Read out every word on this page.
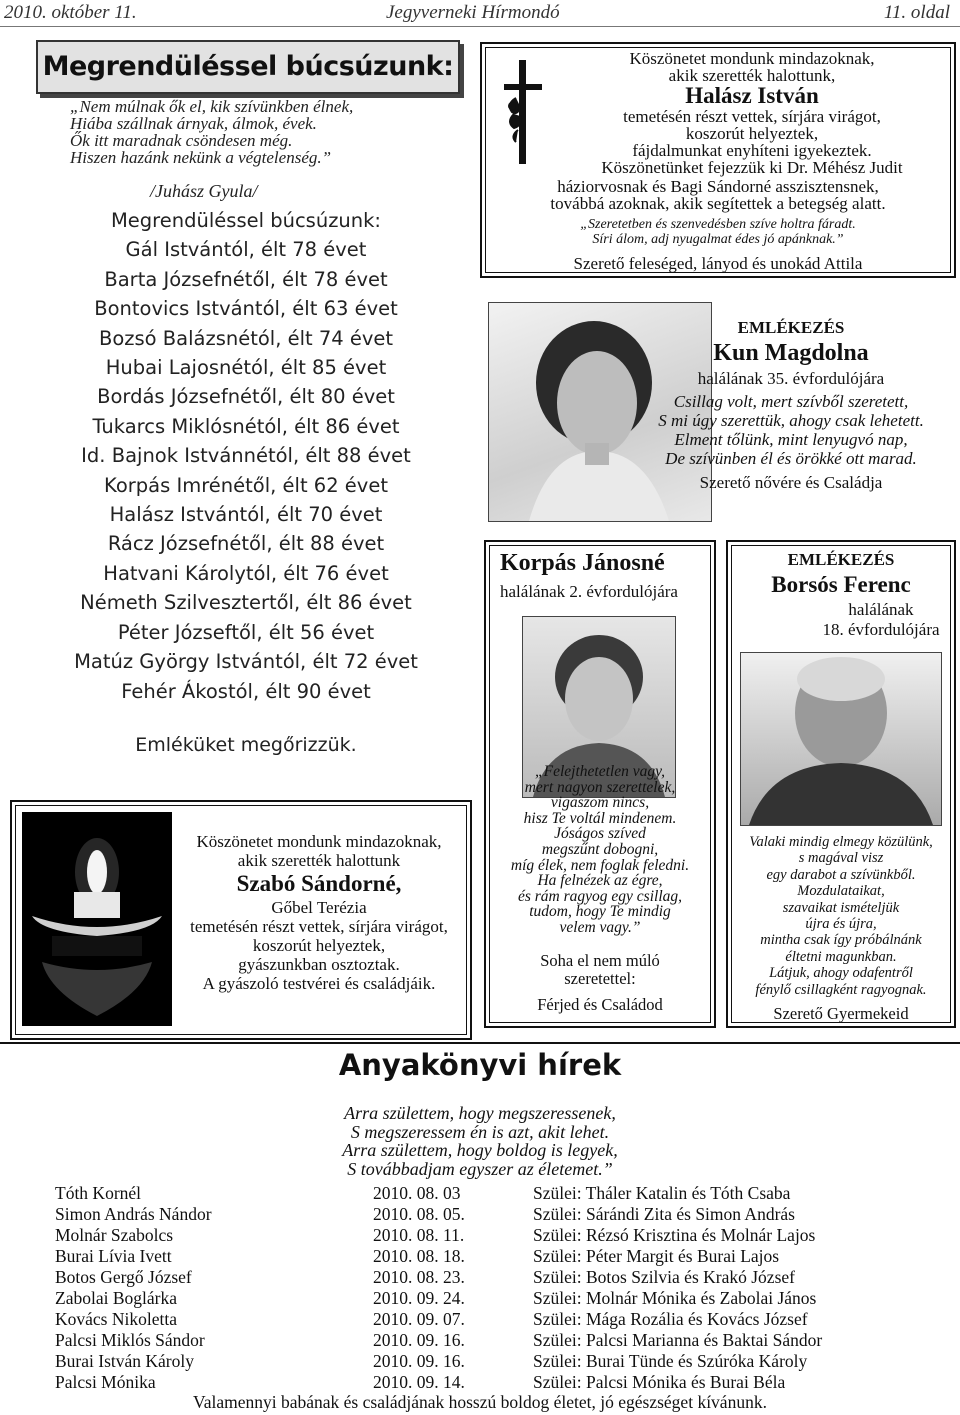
2010. október 11.	Jegyverneki Hírmondó	11. oldal
Megrendüléssel búcsúzunk:
„Nem múlnak ők el, kik szívünkben élnek,
Hiába szállnak árnyak, álmok, évek.
Ők itt maradnak csöndesen még.
Hiszen hazánk nekünk a végtelenség.”
/Juhász Gyula/
Megrendüléssel búcsúzunk:
Gál Istvántól, élt 78 évet
Barta Józsefnétől, élt 78 évet
Bontovics Istvántól, élt 63 évet
Bozsó Balázsnétól, élt 74 évet
Hubai Lajosnétól, élt 85 évet
Bordás Józsefnétől, élt 80 évet
Tukarcs Miklósnétól, élt 86 évet
Id. Bajnok Istvánnétól, élt 88 évet
Korpás Imrénétől, élt 62 évet
Halász Istvántól, élt 70 évet
Rácz Józsefnétől, élt 88 évet
Hatvani Károlytól, élt 76 évet
Németh Szilvesztertől, élt 86 évet
Péter Józseftől, élt 56 évet
Matúz György Istvántól, élt 72 évet
Fehér Ákostól, élt 90 évet
Emléküket megőrizzük.
Köszönetet mondunk mindazoknak,
akik szerették halottunk,
Halász István
temetésén részt vettek, sírjára virágot,
koszorút helyeztek,
fájdalmunkat enyhíteni igyekeztek.
Köszönetünket fejezzük ki Dr. Méhész Judit
háziorvosnak és Bagi Sándorné asszisztensnek,
továbbá azoknak, akik segítettek a betegség alatt.
„Szeretetben és szenvedésben szíve holtra fáradt.
Síri álom, adj nyugalmat édes jó apánknak.”
Szerető feleséged, lányod és unokád Attila
EMLÉKEZÉS
Kun Magdolna
halálának 35. évfordulójára
Csillag volt, mert szívből szeretett,
S mi úgy szerettük, ahogy csak lehetett.
Elment tőlünk, mint lenyugvó nap,
De szívünben él és örökké ott marad.
Szerető nővére és Családja
Korpás Jánosné
halálának 2. évfordulójára
„Felejthetetlen vagy,
mert nagyon szerettelek,
vigaszom nincs,
hisz Te voltál mindenem.
Jóságos szíved
megszűnt dobogni,
míg élek, nem foglak feledni.
Ha felnézek az égre,
és rám ragyog egy csillag,
tudom, hogy Te mindig
velem vagy.”
Soha el nem múló
szeretettel:
Férjed és Családod
EMLÉKEZÉS
Borsós Ferenc
halálának
18. évfordulójára
Valaki mindig elmegy közülünk,
s magával visz
egy darabot a szívünkből.
Mozdulataikat,
szavaikat ismételjük
újra és újra,
mintha csak így próbálnánk
éltetni magunkban.
Látjuk, ahogy odafentről
fénylő csillagként ragyognak.
Szerető Gyermekeid
Köszönetet mondunk mindazoknak,
akik szerették halottunk
Szabó Sándorné,
Gőbel Terézia
temetésén részt vettek, sírjára virágot,
koszorút helyeztek,
gyászunkban osztoztak.
A gyászoló testvérei és családjáik.
Anyakönyvi hírek
Arra születtem, hogy megszeressenek,
S megszeressem én is azt, akit lehet.
Arra születtem, hogy boldog is legyek,
S továbbadjam egyszer az életemet.”
Tóth Kornél	2010. 08. 03	Szülei: Tháler Katalin és Tóth Csaba
Simon András Nándor	2010. 08. 05.	Szülei: Sárándi Zita és Simon András
Molnár Szabolcs	2010. 08. 11.	Szülei: Rézsó Krisztina és Molnár Lajos
Burai Lívia Ivett	2010. 08. 18.	Szülei: Péter Margit és Burai Lajos
Botos Gergő József	2010. 08. 23.	Szülei: Botos Szilvia és Krakó József
Zabolai Boglárka	2010. 09. 24.	Szülei: Molnár Mónika és Zabolai János
Kovács Nikoletta	2010. 09. 07.	Szülei: Mága Rozália és Kovács József
Palcsi Miklós Sándor	2010. 09. 16.	Szülei: Palcsi Marianna és Baktai Sándor
Burai István Károly	2010. 09. 16.	Szülei: Burai Tünde és Szúróka Károly
Palcsi Mónika	2010. 09. 14.	Szülei: Palcsi Mónika és Burai Béla
Valamennyi babának és családjának hosszú boldog életet, jó egészséget kívánunk.
